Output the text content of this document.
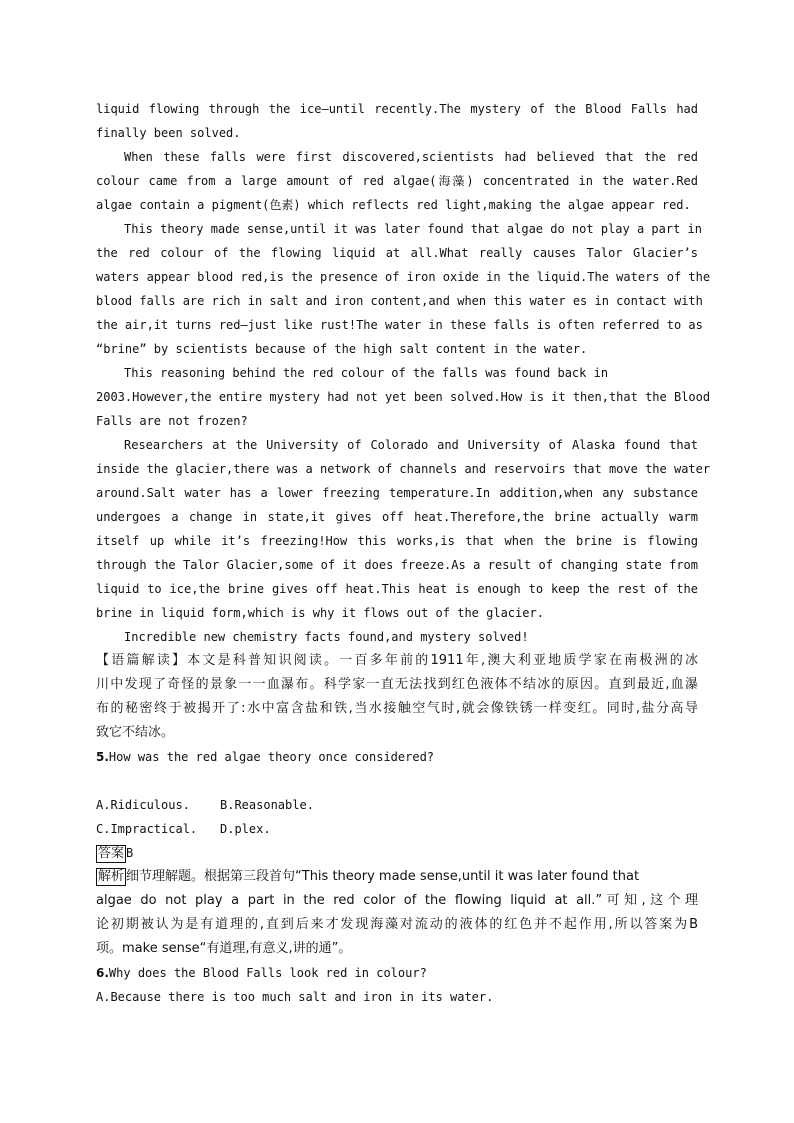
liquid flowing through the ice—until recently.The mystery of the Blood Falls had
finally been solved.
When these falls were first discovered,scientists had believed that the red
colour came from a large amount of red algae(海藻) concentrated in the water.Red
algae contain a pigment(色素) which reflects red light,making the algae appear red.
This theory made sense,until it was later found that algae do not play a part in
the red colour of the flowing liquid at all.What really causes Talor Glacier’s
waters appear blood red,is the presence of iron oxide in the liquid.The waters of the
blood falls are rich in salt and iron content,and when this water es in contact with
the air,it turns red—just like rust!The water in these falls is often referred to as
“brine” by scientists because of the high salt content in the water.
This reasoning behind the red colour of the falls was found back in
2003.However,the entire mystery had not yet been solved.How is it then,that the Blood
Falls are not frozen?
Researchers at the University of Colorado and University of Alaska found that
inside the glacier,there was a network of channels and reservoirs that move the water
around.Salt water has a lower freezing temperature.In addition,when any substance
undergoes a change in state,it gives off heat.Therefore,the brine actually warm
itself up while it’s freezing!How this works,is that when the brine is flowing
through the Talor Glacier,some of it does freeze.As a result of changing state from
liquid to ice,the brine gives off heat.This heat is enough to keep the rest of the
brine in liquid form,which is why it flows out of the glacier.
Incredible new chemistry facts found,and mystery solved!
【语篇解读】本文是科普知识阅读。一百多年前的1911年,澳大利亚地质学家在南极洲的冰
川中发现了奇怪的景象一一血瀑布。科学家一直无法找到红色液体不结冰的原因。直到最近,血瀑
布的秘密终于被揭开了:水中富含盐和铁,当水接触空气时,就会像铁锈一样变红。同时,盐分高导
致它不结冰。
5.How was the red algae theory once considered?
A.Ridiculous.	B.Reasonable.
C.Impractical.	D.plex.
答案 B
解析 细节理解题。根据第三段首句“This theory made sense,until it was later found that
algae do not play a part in the red color of the flowing liquid at all.”可知,这个理
论初期被认为是有道理的,直到后来才发现海藻对流动的液体的红色并不起作用,所以答案为B
项。make sense“有道理,有意义,讲的通”。
6.Why does the Blood Falls look red in colour?
A.Because there is too much salt and iron in its water.
